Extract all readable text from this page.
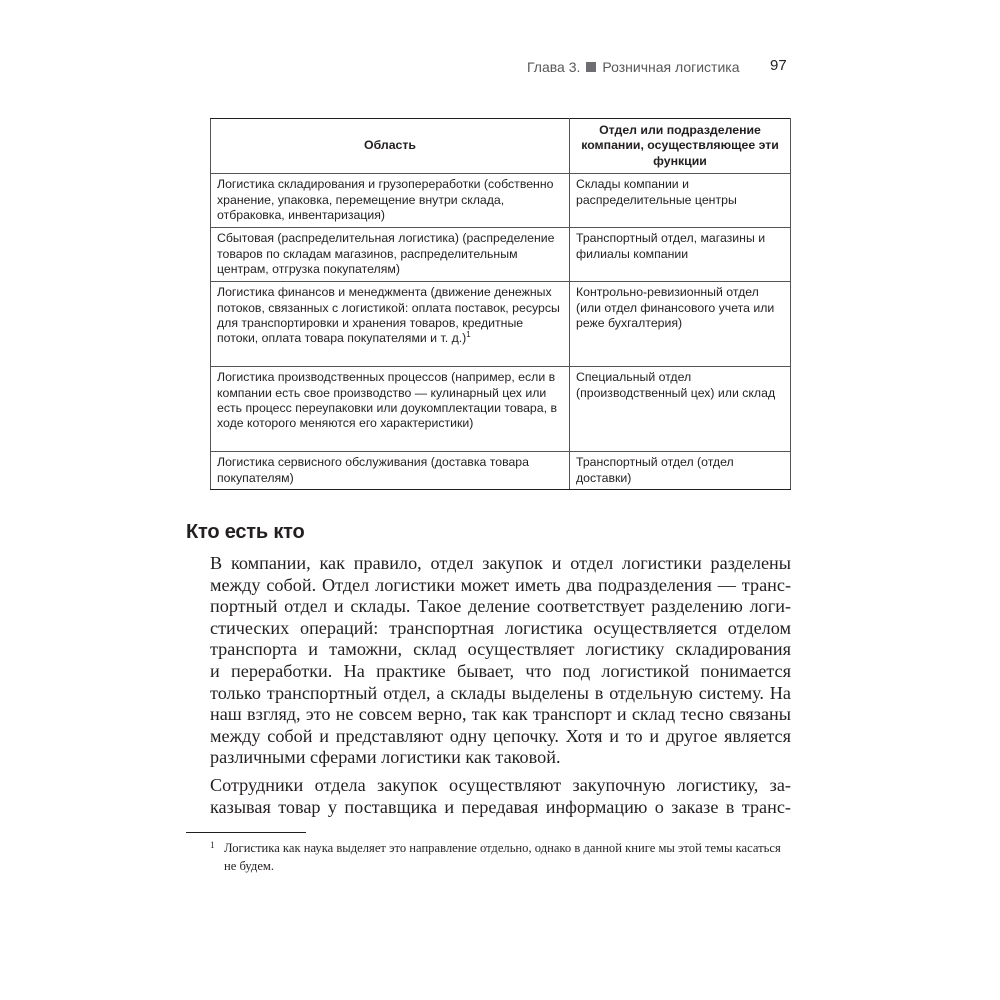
Глава 3. Розничная логистика 97
Область	Отдел или подразделение компании, осуществляющее эти функции
Логистика складирования и грузопереработки (собственно хранение, упаковка, перемещение внутри склада, отбраковка, инвентаризация)	Склады компании и распределительные центры
Сбытовая (распределительная логистика) (распределение товаров по складам магазинов, распределительным центрам, отгрузка покупателям)	Транспортный отдел, магазины и филиалы компании
Логистика финансов и менеджмента (движение денежных потоков, связанных с логистикой: оплата поставок, ресурсы для транспортировки и хранения товаров, кредитные потоки, оплата товара покупателями и т. д.)$^1$	Контрольно-ревизионный отдел (или отдел финансового учета или реже бухгалтерия)
Логистика производственных процессов (например, если в компании есть свое производство — кулинарный цех или есть процесс переупаковки или доукомплектации товара, в ходе которого меняются его характеристики)	Специальный отдел (производственный цех) или склад
Логистика сервисного обслуживания (доставка товара покупателям)	Транспортный отдел (отдел доставки)
Кто есть кто
В компании, как правило, отдел закупок и отдел логистики разделены
между собой. Отдел логистики может иметь два подразделения — транс-
портный отдел и склады. Такое деление соответствует разделению логи-
стических операций: транспортная логистика осуществляется отделом
транспорта и таможни, склад осуществляет логистику складирования
и переработки. На практике бывает, что под логистикой понимается
только транспортный отдел, а склады выделены в отдельную систему. На
наш взгляд, это не совсем верно, так как транспорт и склад тесно связаны
между собой и представляют одну цепочку. Хотя и то и другое является
различными сферами логистики как таковой.
Сотрудники отдела закупок осуществляют закупочную логистику, за-
казывая товар у поставщика и передавая информацию о заказе в транс-
1 Логистика как наука выделяет это направление отдельно, однако в данной книге мы этой темы касаться не будем.
